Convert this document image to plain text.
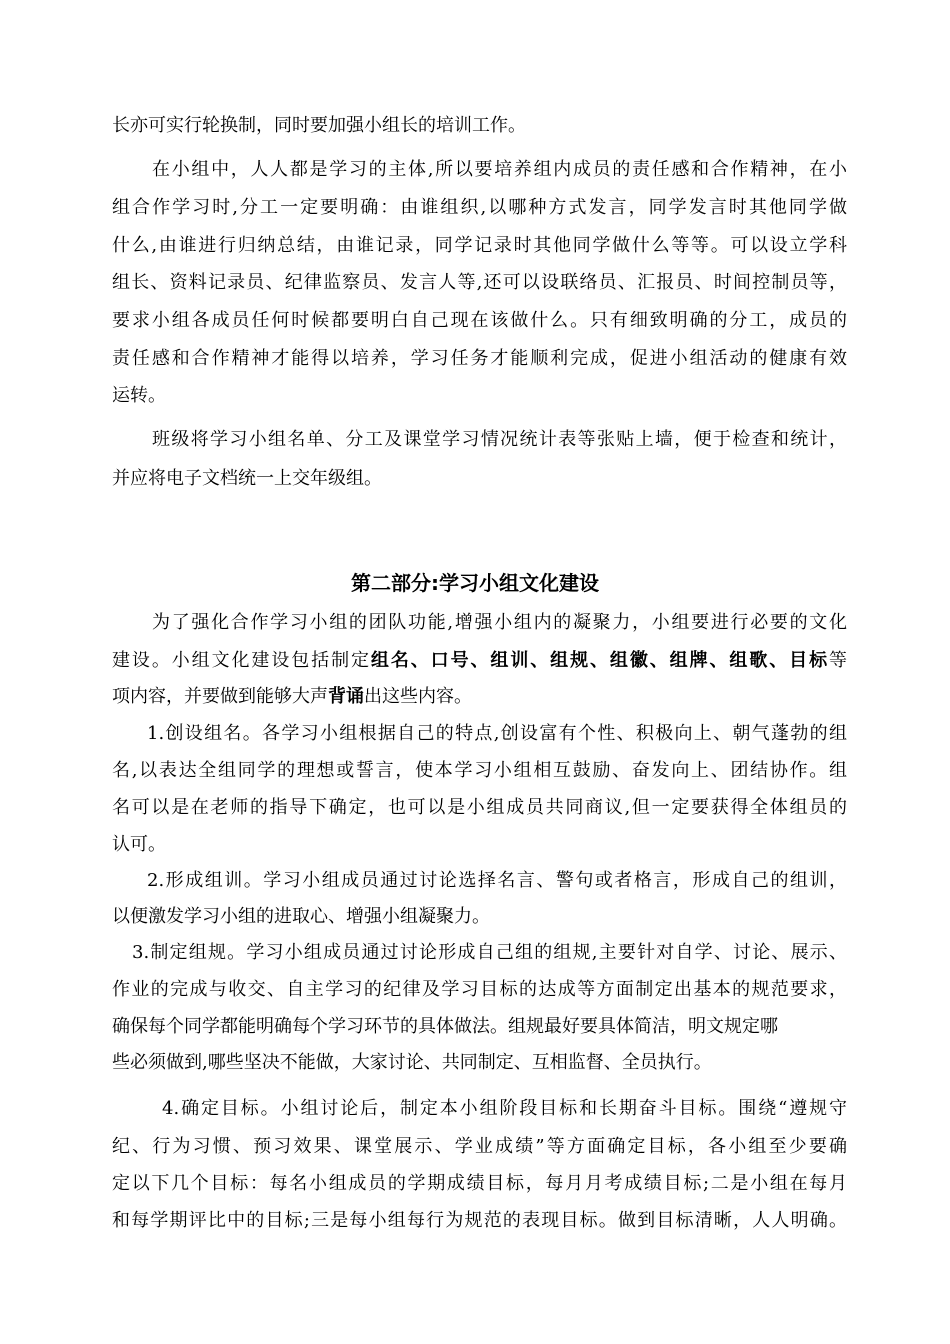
长亦可实行轮换制，同时要加强小组长的培训工作。
在小组中，人人都是学习的主体,所以要培养组内成员的责任感和合作精神，在小
组合作学习时,分工一定要明确：由谁组织,以哪种方式发言，同学发言时其他同学做
什么,由谁进行归纳总结，由谁记录，同学记录时其他同学做什么等等。可以设立学科
组长、资料记录员、纪律监察员、发言人等,还可以设联络员、汇报员、时间控制员等，
要求小组各成员任何时候都要明白自己现在该做什么。只有细致明确的分工，成员的
责任感和合作精神才能得以培养，学习任务才能顺利完成，促进小组活动的健康有效
运转。
班级将学习小组名单、分工及课堂学习情况统计表等张贴上墙，便于检查和统计，
并应将电子文档统一上交年级组。
第二部分:学习小组文化建设
为了强化合作学习小组的团队功能,增强小组内的凝聚力，小组要进行必要的文化
建设。小组文化建设包括制定组名、口号、组训、组规、组徽、组牌、组歌、目标等
项内容，并要做到能够大声背诵出这些内容。
1.创设组名。各学习小组根据自己的特点,创设富有个性、积极向上、朝气蓬勃的组
名,以表达全组同学的理想或誓言，使本学习小组相互鼓励、奋发向上、团结协作。组
名可以是在老师的指导下确定，也可以是小组成员共同商议,但一定要获得全体组员的
认可。
2.形成组训。学习小组成员通过讨论选择名言、警句或者格言，形成自己的组训，
以便激发学习小组的进取心、增强小组凝聚力。
3.制定组规。学习小组成员通过讨论形成自己组的组规,主要针对自学、讨论、展示、
作业的完成与收交、自主学习的纪律及学习目标的达成等方面制定出基本的规范要求，
确保每个同学都能明确每个学习环节的具体做法。组规最好要具体简洁，明文规定哪
些必须做到,哪些坚决不能做，大家讨论、共同制定、互相监督、全员执行。
4.确定目标。小组讨论后，制定本小组阶段目标和长期奋斗目标。围绕“遵规守
纪、行为习惯、预习效果、课堂展示、学业成绩”等方面确定目标，各小组至少要确
定以下几个目标：每名小组成员的学期成绩目标，每月月考成绩目标;二是小组在每月
和每学期评比中的目标;三是每小组每行为规范的表现目标。做到目标清晰，人人明确。
